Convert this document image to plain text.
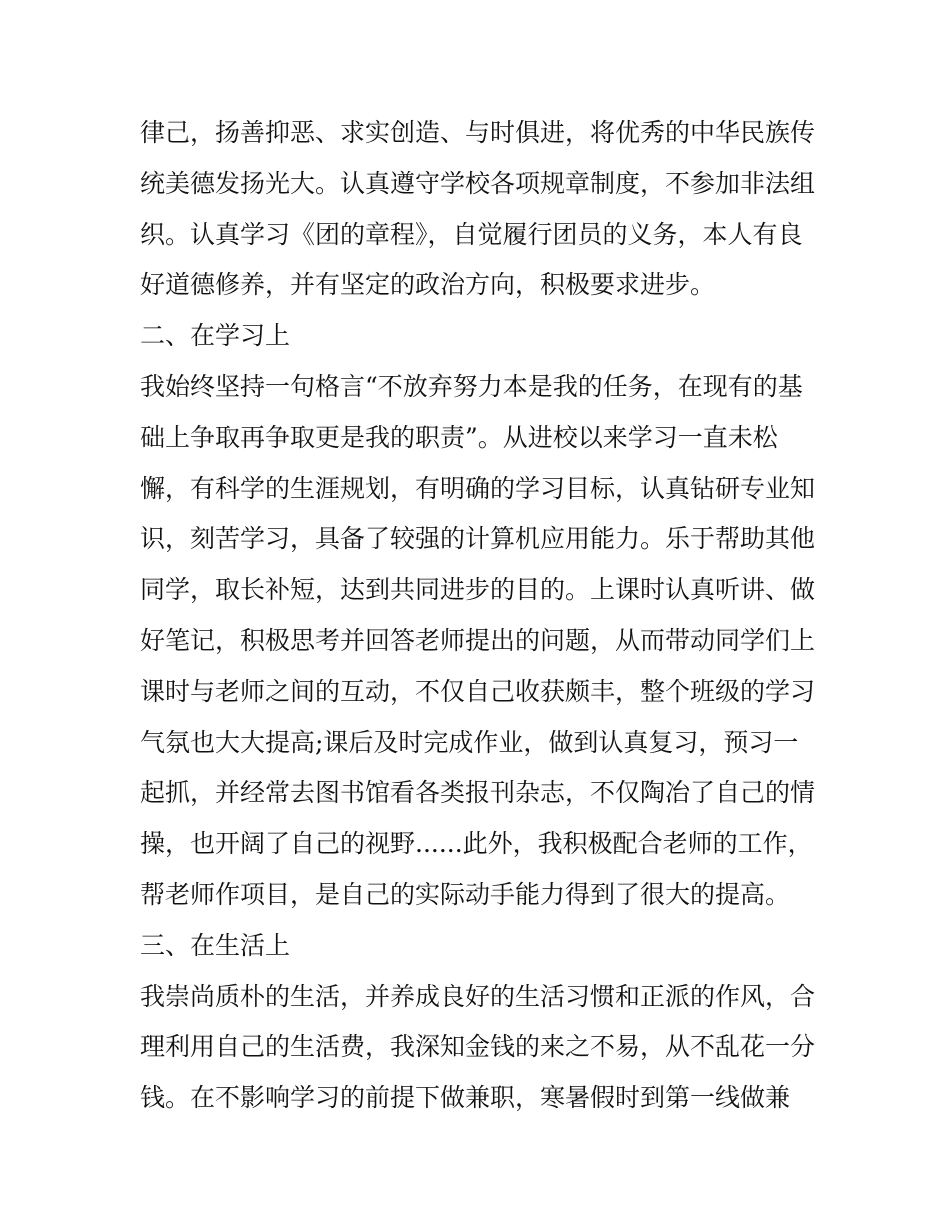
律己，扬善抑恶、求实创造、与时俱进，将优秀的中华民族传
统美德发扬光大。认真遵守学校各项规章制度，不参加非法组
织。认真学习《团的章程》，自觉履行团员的义务，本人有良
好道德修养，并有坚定的政治方向，积极要求进步。
二、在学习上
我始终坚持一句格言“不放弃努力本是我的任务，在现有的基
础上争取再争取更是我的职责”。从进校以来学习一直未松
懈，有科学的生涯规划，有明确的学习目标，认真钻研专业知
识，刻苦学习，具备了较强的计算机应用能力。乐于帮助其他
同学，取长补短，达到共同进步的目的。上课时认真听讲、做
好笔记，积极思考并回答老师提出的问题，从而带动同学们上
课时与老师之间的互动，不仅自己收获颇丰，整个班级的学习
气氛也大大提高;课后及时完成作业，做到认真复习，预习一
起抓，并经常去图书馆看各类报刊杂志，不仅陶冶了自己的情
操，也开阔了自己的视野......此外，我积极配合老师的工作，
帮老师作项目，是自己的实际动手能力得到了很大的提高。
三、在生活上
我崇尚质朴的生活，并养成良好的生活习惯和正派的作风，合
理利用自己的生活费，我深知金钱的来之不易，从不乱花一分
钱。在不影响学习的前提下做兼职，寒暑假时到第一线做兼
